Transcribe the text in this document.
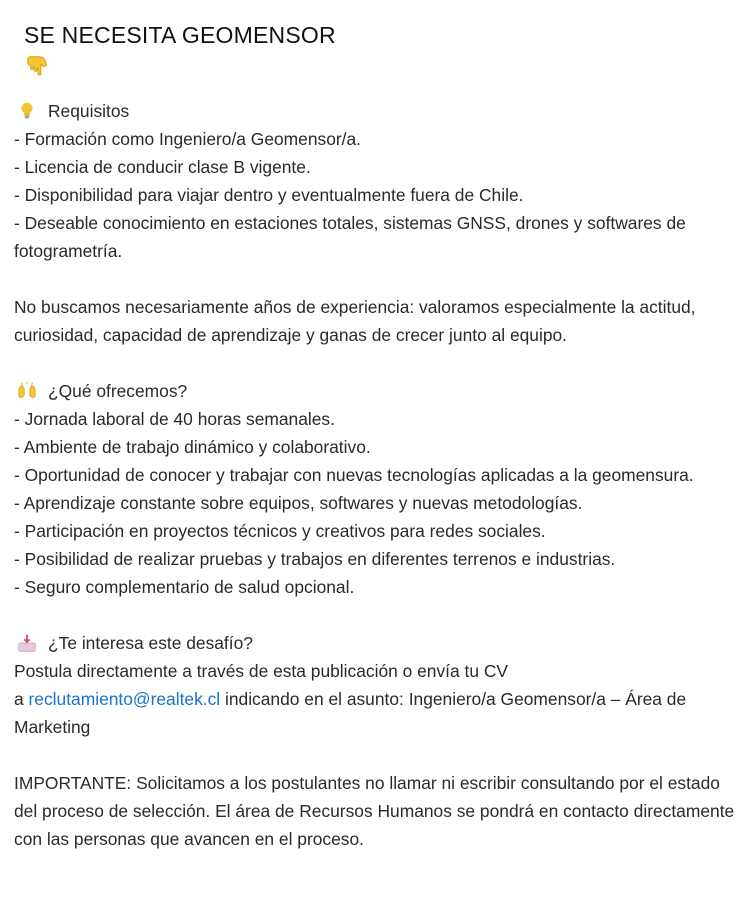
SE NECESITA GEOMENSOR
Requisitos

- Formación como Ingeniero/a Geomensor/a.

- Licencia de conducir clase B vigente.

- Disponibilidad para viajar dentro y eventualmente fuera de Chile.

- Deseable conocimiento en estaciones totales, sistemas GNSS, drones y softwares de fotogrametría.

No buscamos necesariamente años de experiencia: valoramos especialmente la actitud, curiosidad, capacidad de aprendizaje y ganas de crecer junto al equipo.

¿Qué ofrecemos?

- Jornada laboral de 40 horas semanales.

- Ambiente de trabajo dinámico y colaborativo.

- Oportunidad de conocer y trabajar con nuevas tecnologías aplicadas a la geomensura.

- Aprendizaje constante sobre equipos, softwares y nuevas metodologías.

- Participación en proyectos técnicos y creativos para redes sociales.

- Posibilidad de realizar pruebas y trabajos en diferentes terrenos e industrias.

- Seguro complementario de salud opcional.

¿Te interesa este desafío?

Postula directamente a través de esta publicación o envía tu CV

a reclutamiento@realtek.cl indicando en el asunto: Ingeniero/a Geomensor/a – Área de Marketing

IMPORTANTE: Solicitamos a los postulantes no llamar ni escribir consultando por el estado del proceso de selección. El área de Recursos Humanos se pondrá en contacto directamente con las personas que avancen en el proceso.
